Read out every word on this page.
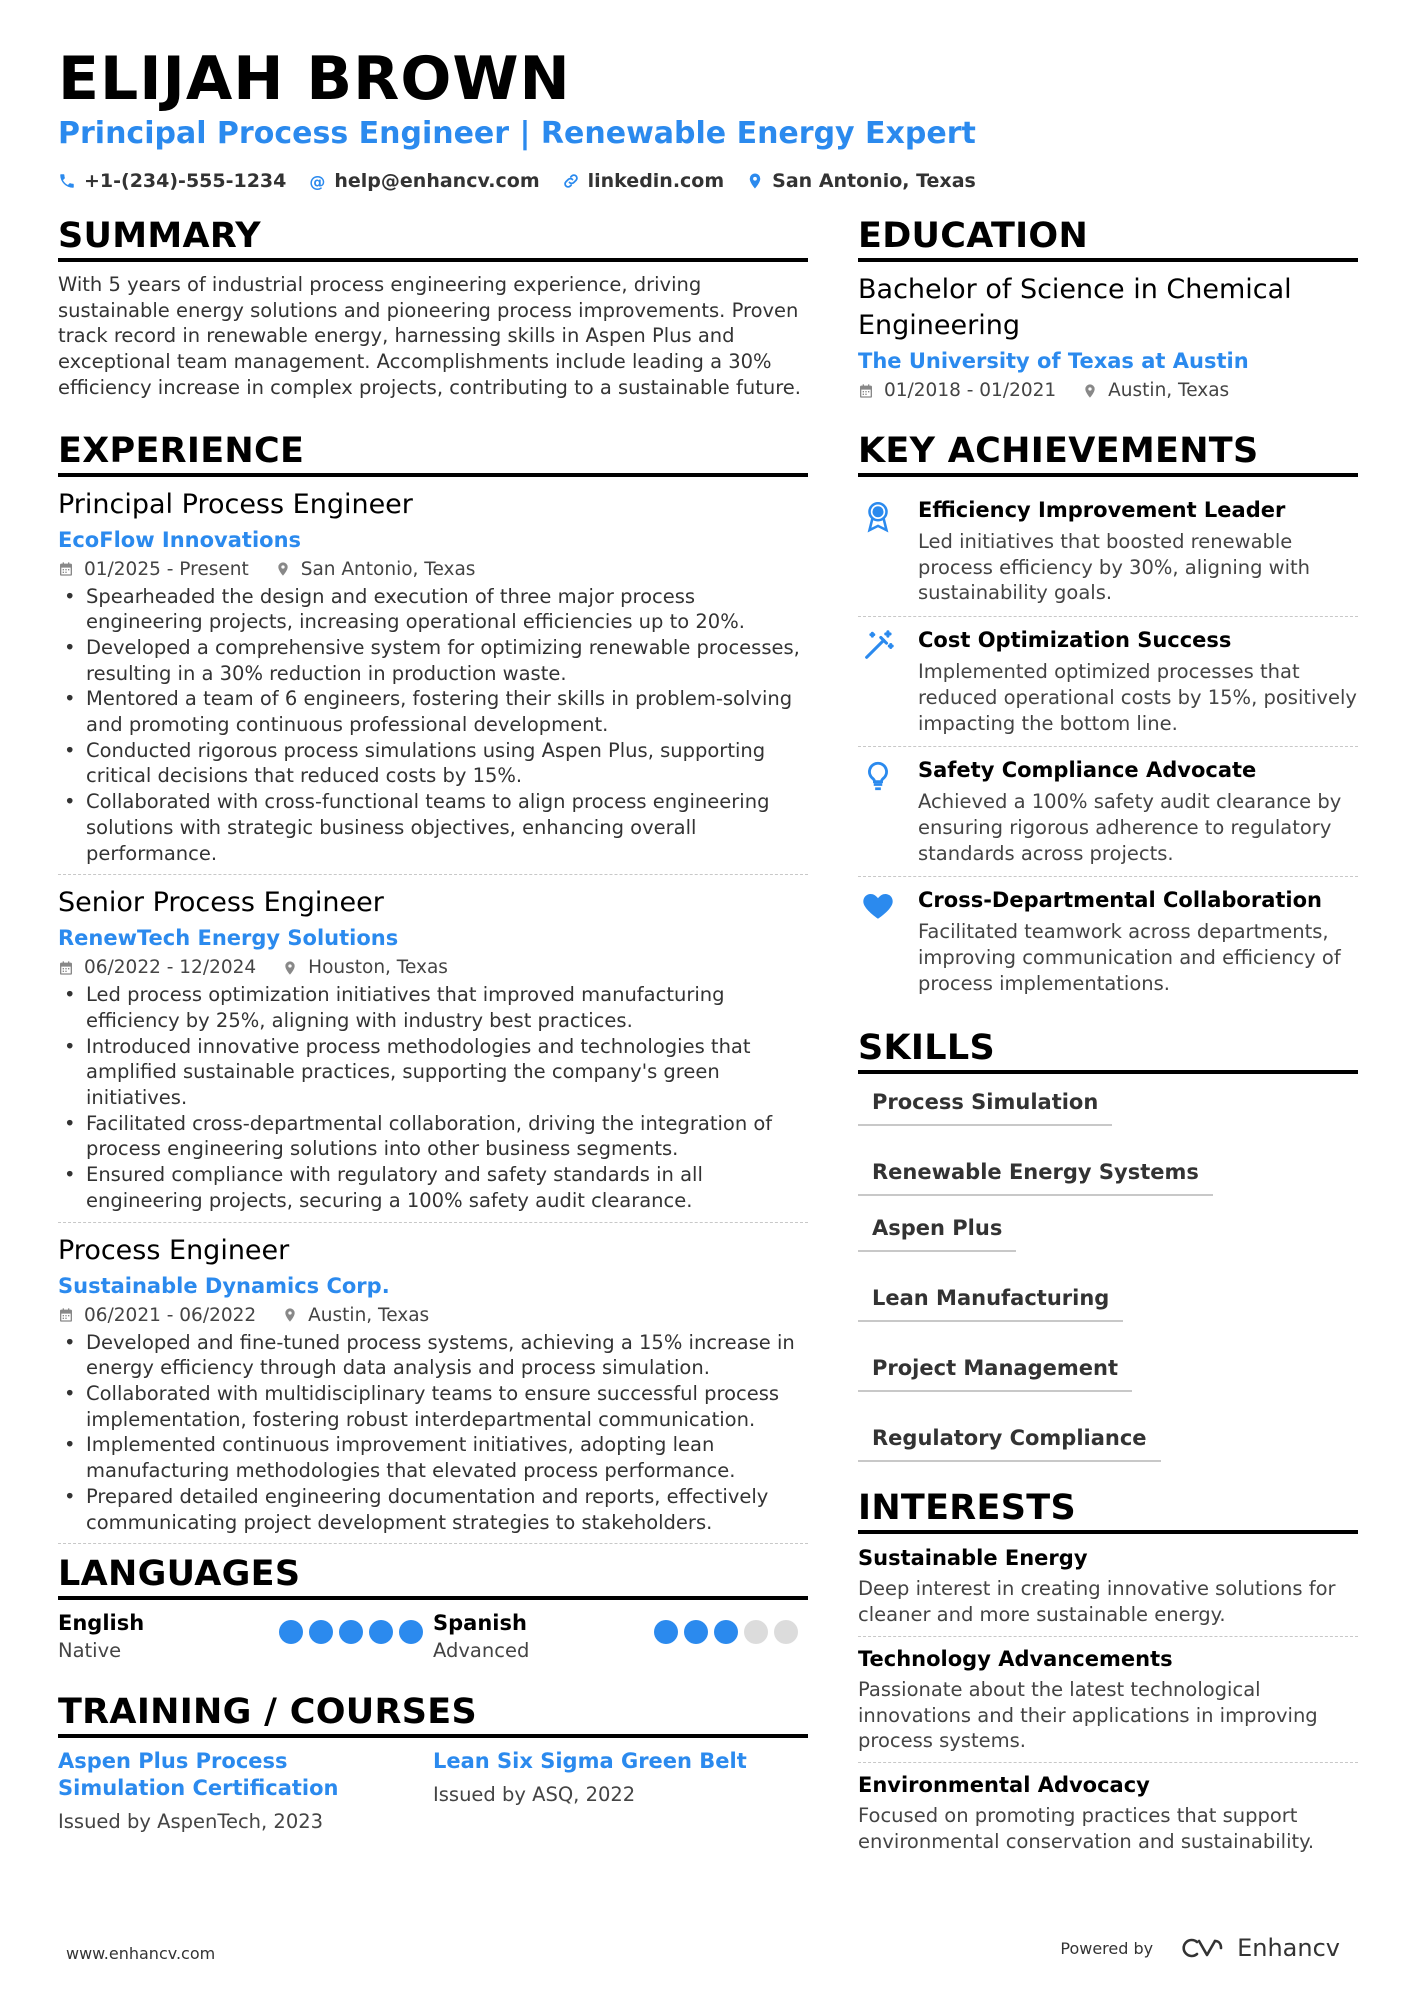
ELIJAH BROWN
Principal Process Engineer | Renewable Energy Expert
+1-(234)-555-1234 @ help@enhancv.com	linkedin.com	San Antonio, Texas
SUMMARY
With 5 years of industrial process engineering experience, driving sustainable energy solutions and pioneering process improvements. Proven track record in renewable energy, harnessing skills in Aspen Plus and exceptional team management. Accomplishments include leading a 30% efficiency increase in complex projects, contributing to a sustainable future.
EXPERIENCE
Principal Process Engineer
EcoFlow Innovations
01/2025 - Present	San Antonio, Texas
• Spearheaded the design and execution of three major process engineering projects, increasing operational efficiencies up to 20%.
• Developed a comprehensive system for optimizing renewable processes, resulting in a 30% reduction in production waste.
• Mentored a team of 6 engineers, fostering their skills in problem-solving and promoting continuous professional development.
• Conducted rigorous process simulations using Aspen Plus, supporting critical decisions that reduced costs by 15%.
• Collaborated with cross-functional teams to align process engineering solutions with strategic business objectives, enhancing overall performance.
Senior Process Engineer
RenewTech Energy Solutions
06/2022 - 12/2024	Houston, Texas
• Led process optimization initiatives that improved manufacturing efficiency by 25%, aligning with industry best practices.
• Introduced innovative process methodologies and technologies that amplified sustainable practices, supporting the company's green initiatives.
• Facilitated cross-departmental collaboration, driving the integration of process engineering solutions into other business segments.
• Ensured compliance with regulatory and safety standards in all engineering projects, securing a 100% safety audit clearance.
Process Engineer
Sustainable Dynamics Corp.
06/2021 - 06/2022	Austin, Texas
• Developed and fine-tuned process systems, achieving a 15% increase in energy efficiency through data analysis and process simulation.
• Collaborated with multidisciplinary teams to ensure successful process implementation, fostering robust interdepartmental communication.
• Implemented continuous improvement initiatives, adopting lean manufacturing methodologies that elevated process performance.
• Prepared detailed engineering documentation and reports, effectively communicating project development strategies to stakeholders.
LANGUAGES
English
Native
Spanish
Advanced
TRAINING / COURSES
Aspen Plus Process Simulation Certification
Issued by AspenTech, 2023
Lean Six Sigma Green Belt
Issued by ASQ, 2022
EDUCATION
Bachelor of Science in Chemical Engineering
The University of Texas at Austin
01/2018 - 01/2021	Austin, Texas
KEY ACHIEVEMENTS
Efficiency Improvement Leader
Led initiatives that boosted renewable process efficiency by 30%, aligning with sustainability goals.
Cost Optimization Success
Implemented optimized processes that reduced operational costs by 15%, positively impacting the bottom line.
Safety Compliance Advocate
Achieved a 100% safety audit clearance by ensuring rigorous adherence to regulatory standards across projects.
Cross-Departmental Collaboration
Facilitated teamwork across departments, improving communication and efficiency of process implementations.
SKILLS
Process Simulation
Renewable Energy Systems
Aspen Plus
Lean Manufacturing
Project Management
Regulatory Compliance
INTERESTS
Sustainable Energy
Deep interest in creating innovative solutions for cleaner and more sustainable energy.
Technology Advancements
Passionate about the latest technological innovations and their applications in improving process systems.
Environmental Advocacy
Focused on promoting practices that support environmental conservation and sustainability.
www.enhancv.com	Powered by	Enhancv
